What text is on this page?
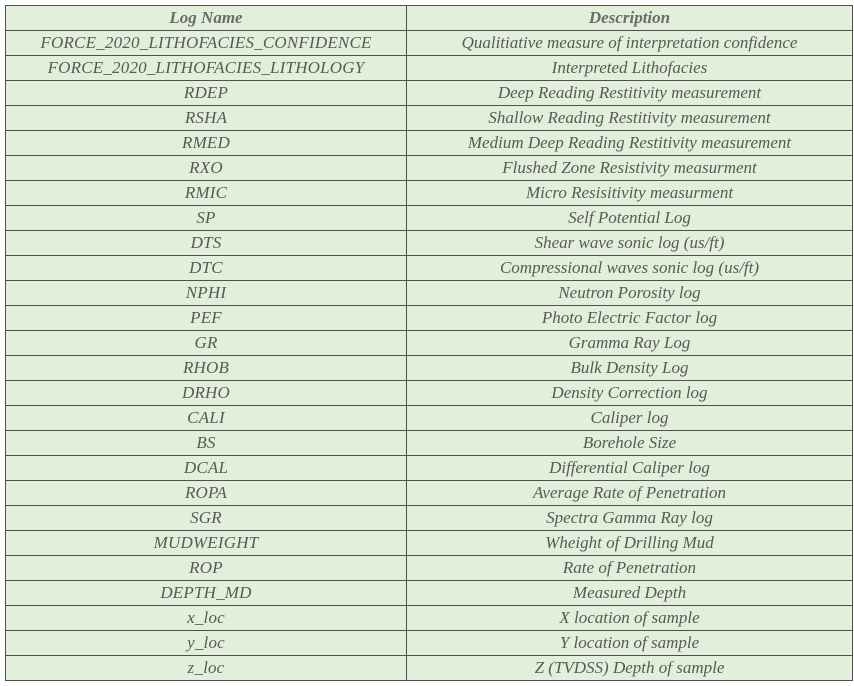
Log Name	Description
FORCE_2020_LITHOFACIES_CONFIDENCE	Qualitiative measure of interpretation confidence
FORCE_2020_LITHOFACIES_LITHOLOGY	Interpreted Lithofacies
RDEP	Deep Reading Restitivity measurement
RSHA	Shallow Reading Restitivity measurement
RMED	Medium Deep Reading Restitivity measurement
RXO	Flushed Zone Resistivity measurment
RMIC	Micro Resisitivity measurment
SP	Self Potential Log
DTS	Shear wave sonic log (us/ft)
DTC	Compressional waves sonic log (us/ft)
NPHI	Neutron Porosity log
PEF	Photo Electric Factor log
GR	Gramma Ray Log
RHOB	Bulk Density Log
DRHO	Density Correction log
CALI	Caliper log
BS	Borehole Size
DCAL	Differential Caliper log
ROPA	Average Rate of Penetration
SGR	Spectra Gamma Ray log
MUDWEIGHT	Wheight of Drilling Mud
ROP	Rate of Penetration
DEPTH_MD	Measured Depth
x_loc	X location of sample
y_loc	Y location of sample
z_loc	Z (TVDSS) Depth of sample
